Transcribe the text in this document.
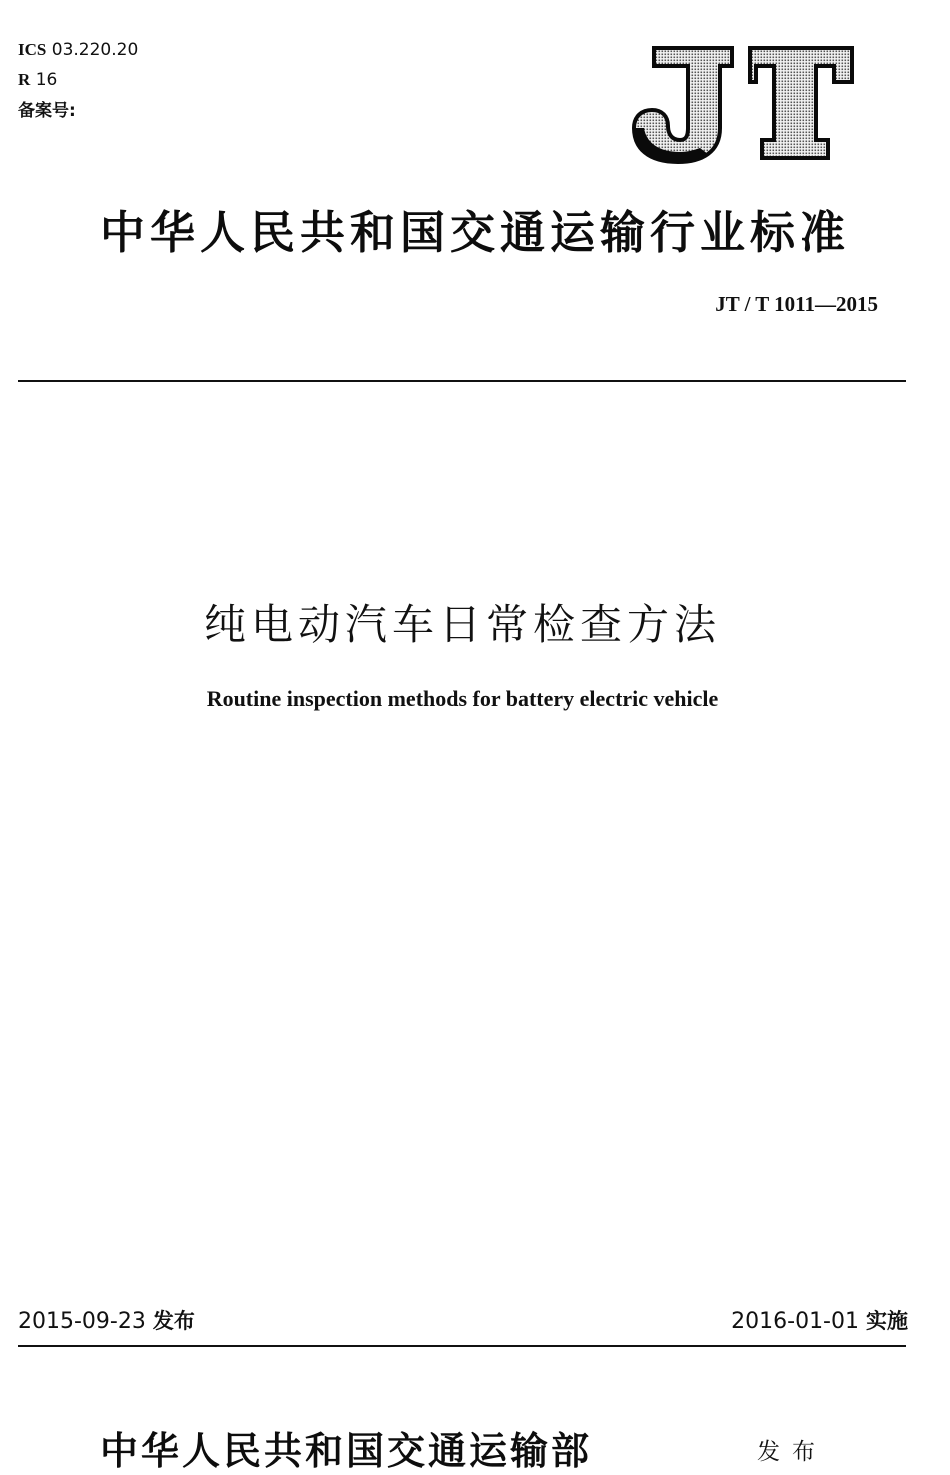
ICS 03.220.20
R 16
备案号:
中华人民共和国交通运输行业标准
JT / T 1011—2015
纯电动汽车日常检查方法
Routine inspection methods for battery electric vehicle
2015-09-23 发布	2016-01-01 实施
中华人民共和国交通运输部	发布
